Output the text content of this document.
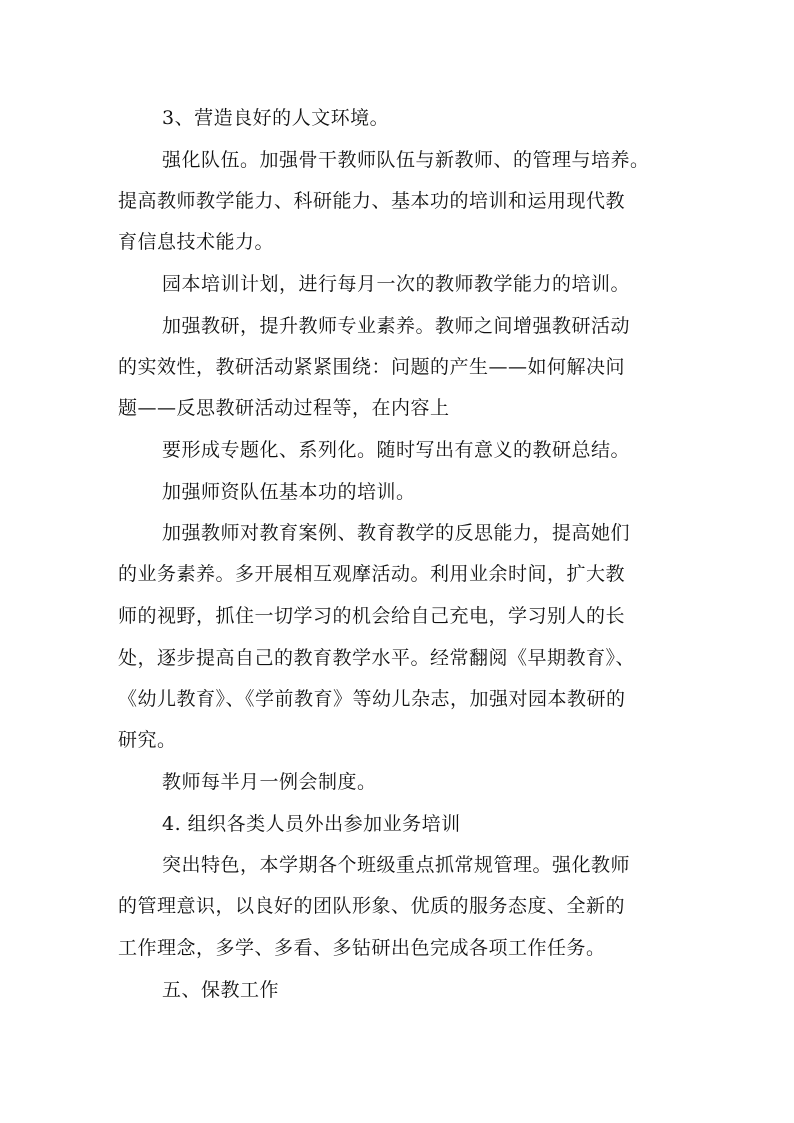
3、营造良好的人文环境。
强化队伍。加强骨干教师队伍与新教师、的管理与培养。
提高教师教学能力、科研能力、基本功的培训和运用现代教
育信息技术能力。
园本培训计划，进行每月一次的教师教学能力的培训。
加强教研，提升教师专业素养。教师之间增强教研活动
的实效性，教研活动紧紧围绕：问题的产生——如何解决问
题——反思教研活动过程等，在内容上
要形成专题化、系列化。随时写出有意义的教研总结。
加强师资队伍基本功的培训。
加强教师对教育案例、教育教学的反思能力，提高她们
的业务素养。多开展相互观摩活动。利用业余时间，扩大教
师的视野，抓住一切学习的机会给自己充电，学习别人的长
处，逐步提高自己的教育教学水平。经常翻阅《早期教育》、
《幼儿教育》、《学前教育》等幼儿杂志，加强对园本教研的
研究。
教师每半月一例会制度。
4. 组织各类人员外出参加业务培训
突出特色，本学期各个班级重点抓常规管理。强化教师
的管理意识，以良好的团队形象、优质的服务态度、全新的
工作理念，多学、多看、多钻研出色完成各项工作任务。
五、保教工作
